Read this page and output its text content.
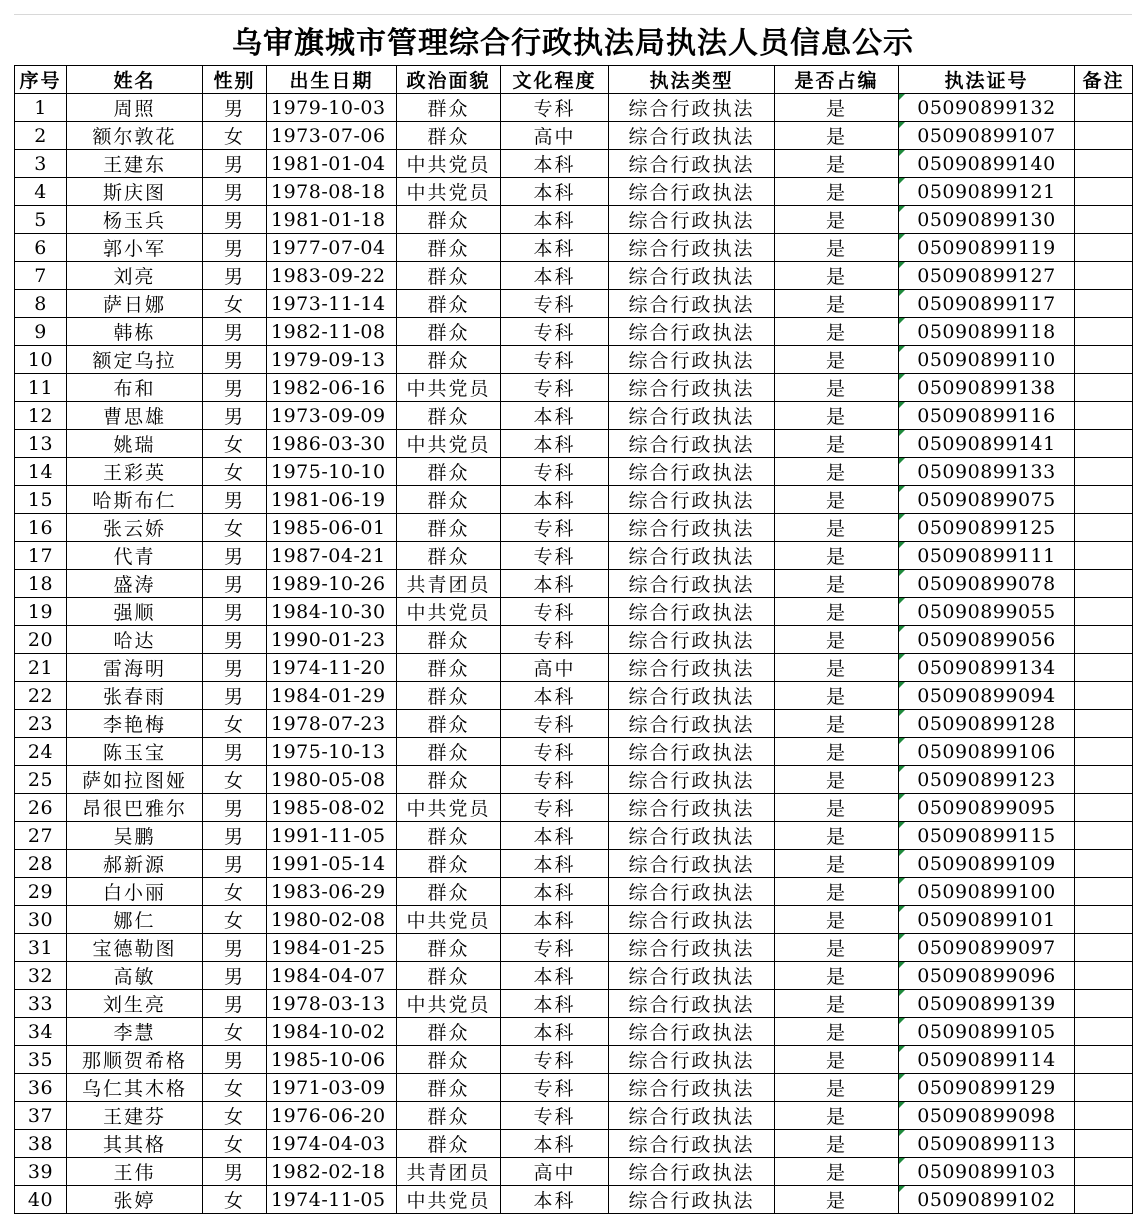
乌审旗城市管理综合行政执法局执法人员信息公示
序号	姓名	性别	出生日期	政治面貌	文化程度	执法类型	是否占编	执法证号	备注
1	周照	男	1979-10-03	群众	专科	综合行政执法	是	05090899132	
2	额尔敦花	女	1973-07-06	群众	高中	综合行政执法	是	05090899107	
3	王建东	男	1981-01-04	中共党员	本科	综合行政执法	是	05090899140	
4	斯庆图	男	1978-08-18	中共党员	本科	综合行政执法	是	05090899121	
5	杨玉兵	男	1981-01-18	群众	本科	综合行政执法	是	05090899130	
6	郭小军	男	1977-07-04	群众	本科	综合行政执法	是	05090899119	
7	刘亮	男	1983-09-22	群众	本科	综合行政执法	是	05090899127	
8	萨日娜	女	1973-11-14	群众	专科	综合行政执法	是	05090899117	
9	韩栋	男	1982-11-08	群众	专科	综合行政执法	是	05090899118	
10	额定乌拉	男	1979-09-13	群众	专科	综合行政执法	是	05090899110	
11	布和	男	1982-06-16	中共党员	专科	综合行政执法	是	05090899138	
12	曹思雄	男	1973-09-09	群众	本科	综合行政执法	是	05090899116	
13	姚瑞	女	1986-03-30	中共党员	本科	综合行政执法	是	05090899141	
14	王彩英	女	1975-10-10	群众	专科	综合行政执法	是	05090899133	
15	哈斯布仁	男	1981-06-19	群众	本科	综合行政执法	是	05090899075	
16	张云娇	女	1985-06-01	群众	专科	综合行政执法	是	05090899125	
17	代青	男	1987-04-21	群众	专科	综合行政执法	是	05090899111	
18	盛涛	男	1989-10-26	共青团员	本科	综合行政执法	是	05090899078	
19	强顺	男	1984-10-30	中共党员	专科	综合行政执法	是	05090899055	
20	哈达	男	1990-01-23	群众	专科	综合行政执法	是	05090899056	
21	雷海明	男	1974-11-20	群众	高中	综合行政执法	是	05090899134	
22	张春雨	男	1984-01-29	群众	本科	综合行政执法	是	05090899094	
23	李艳梅	女	1978-07-23	群众	专科	综合行政执法	是	05090899128	
24	陈玉宝	男	1975-10-13	群众	专科	综合行政执法	是	05090899106	
25	萨如拉图娅	女	1980-05-08	群众	专科	综合行政执法	是	05090899123	
26	昂很巴雅尔	男	1985-08-02	中共党员	专科	综合行政执法	是	05090899095	
27	吴鹏	男	1991-11-05	群众	本科	综合行政执法	是	05090899115	
28	郝新源	男	1991-05-14	群众	本科	综合行政执法	是	05090899109	
29	白小丽	女	1983-06-29	群众	本科	综合行政执法	是	05090899100	
30	娜仁	女	1980-02-08	中共党员	本科	综合行政执法	是	05090899101	
31	宝德勒图	男	1984-01-25	群众	专科	综合行政执法	是	05090899097	
32	高敏	男	1984-04-07	群众	本科	综合行政执法	是	05090899096	
33	刘生亮	男	1978-03-13	中共党员	本科	综合行政执法	是	05090899139	
34	李慧	女	1984-10-02	群众	本科	综合行政执法	是	05090899105	
35	那顺贺希格	男	1985-10-06	群众	专科	综合行政执法	是	05090899114	
36	乌仁其木格	女	1971-03-09	群众	专科	综合行政执法	是	05090899129	
37	王建芬	女	1976-06-20	群众	专科	综合行政执法	是	05090899098	
38	其其格	女	1974-04-03	群众	本科	综合行政执法	是	05090899113	
39	王伟	男	1982-02-18	共青团员	高中	综合行政执法	是	05090899103	
40	张婷	女	1974-11-05	中共党员	本科	综合行政执法	是	05090899102	
